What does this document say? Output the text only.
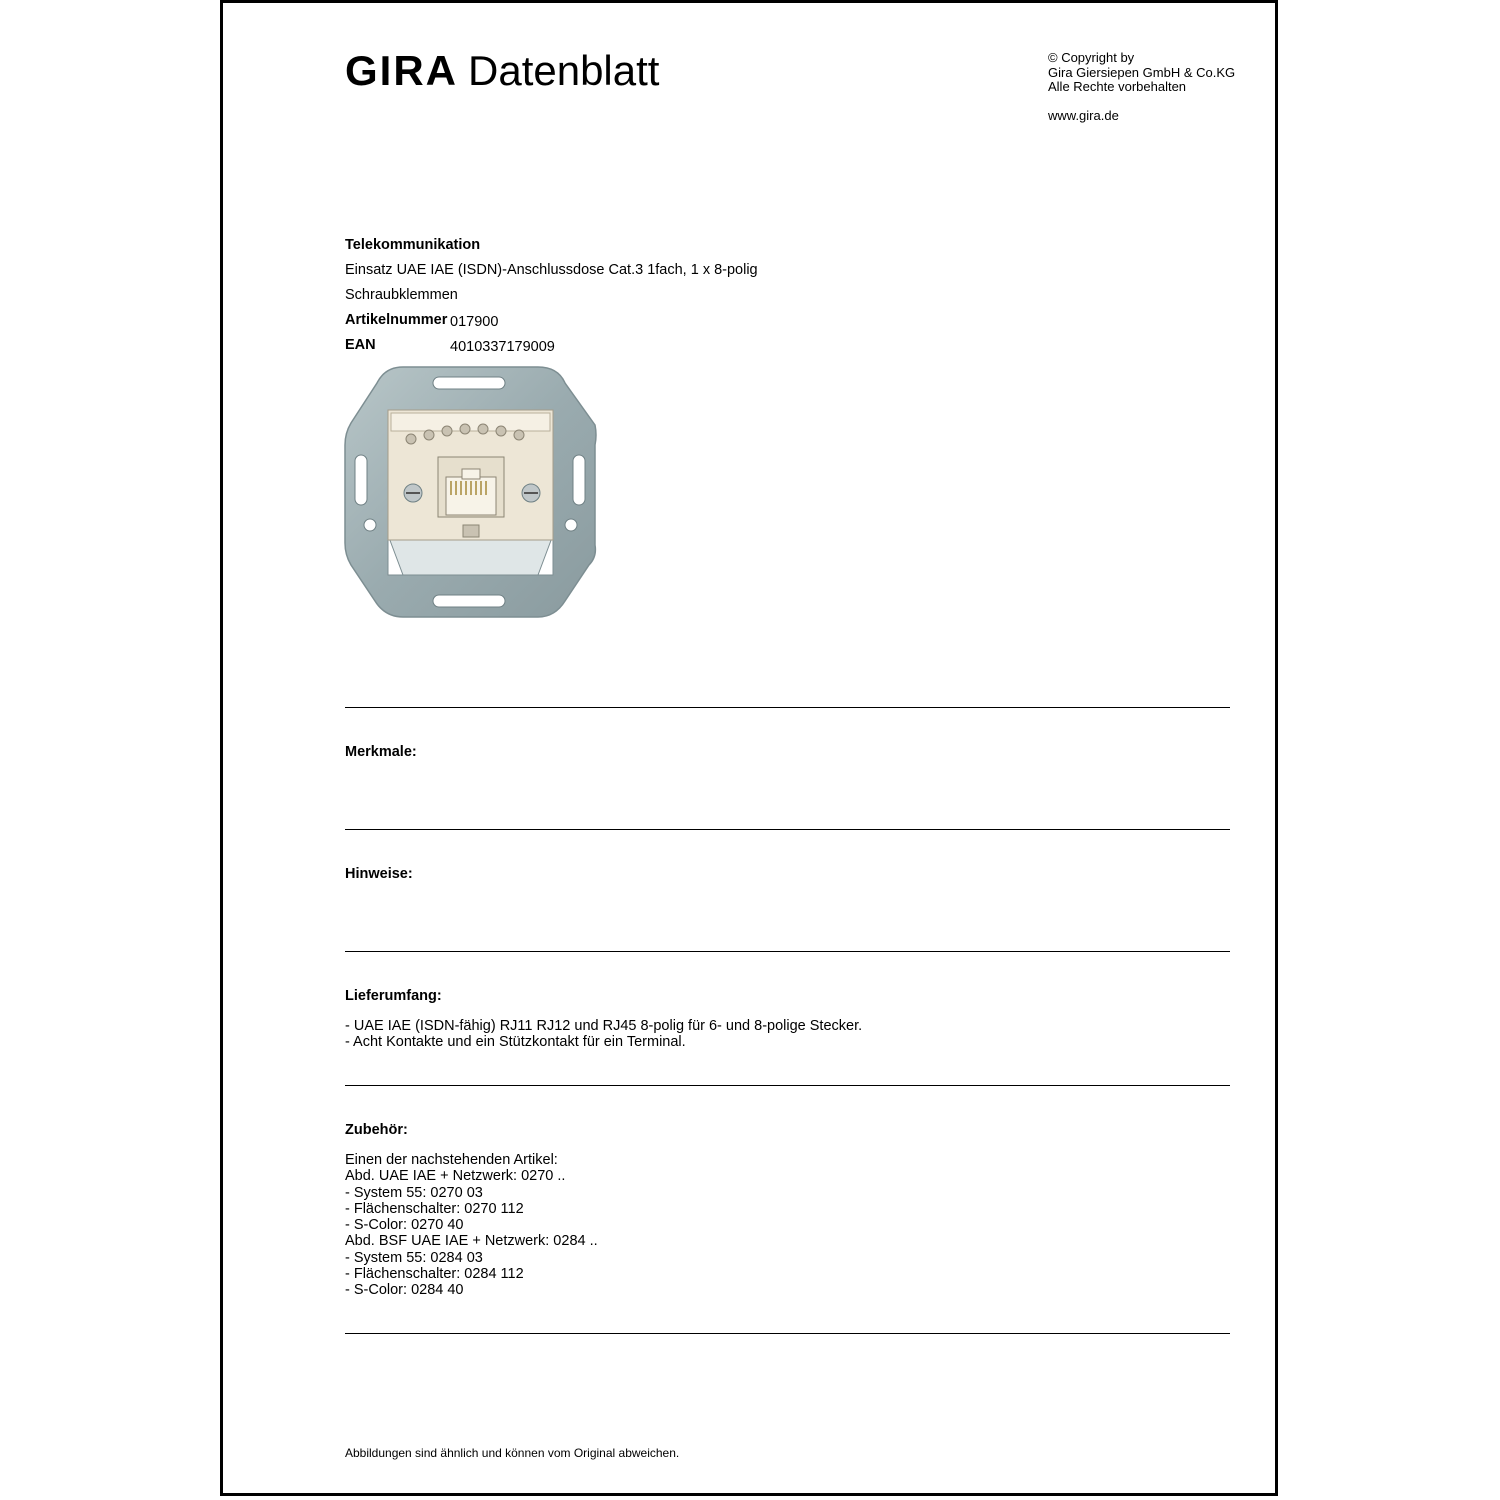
GIRA Datenblatt	© Copyright by
Gira Giersiepen GmbH & Co.KG
Alle Rechte vorbehalten
www.gira.de
Telekommunikation
Einsatz UAE IAE (ISDN)-Anschlussdose Cat.3 1fach, 1 x 8-polig
Schraubklemmen
Artikelnummer 017900
EAN	4010337179009
Merkmale:
Hinweise:
Lieferumfang:
- UAE IAE (ISDN-fähig) RJ11 RJ12 und RJ45 8-polig für 6- und 8-polige Stecker.
- Acht Kontakte und ein Stützkontakt für ein Terminal.
Zubehör:
Einen der nachstehenden Artikel:
Abd. UAE IAE + Netzwerk: 0270 ..
- System 55: 0270 03
- Flächenschalter: 0270 112
- S-Color: 0270 40
Abd. BSF UAE IAE + Netzwerk: 0284 ..
- System 55: 0284 03
- Flächenschalter: 0284 112
- S-Color: 0284 40
Abbildungen sind ähnlich und können vom Original abweichen.
